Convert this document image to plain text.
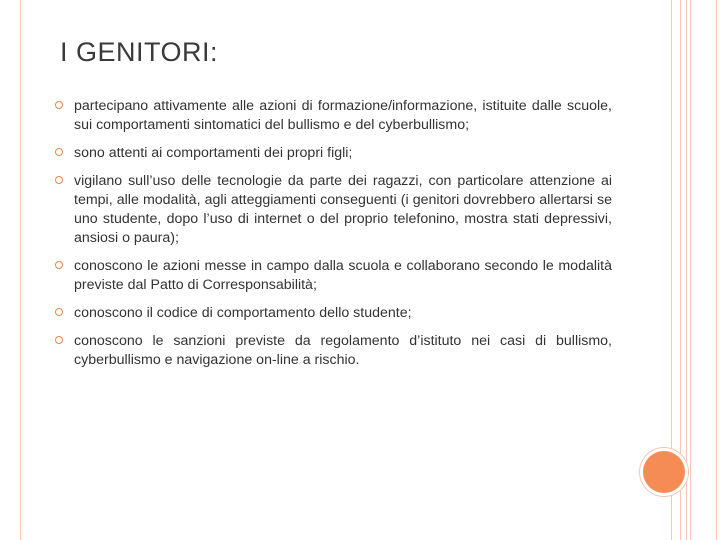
I GENITORI:
partecipano attivamente alle azioni di formazione/informazione, istituite dalle scuole, sui comportamenti sintomatici del bullismo e del cyberbullismo;
sono attenti ai comportamenti dei propri figli;
vigilano sull’uso delle tecnologie da parte dei ragazzi, con particolare attenzione ai tempi, alle modalità, agli atteggiamenti conseguenti (i genitori dovrebbero allertarsi se uno studente, dopo l’uso di internet o del proprio telefonino, mostra stati depressivi, ansiosi o paura);
conoscono le azioni messe in campo dalla scuola e collaborano secondo le modalità previste dal Patto di Corresponsabilità;
conoscono il codice di comportamento dello studente;
conoscono le sanzioni previste da regolamento d’istituto nei casi di bullismo, cyberbullismo e navigazione on-line a rischio.
